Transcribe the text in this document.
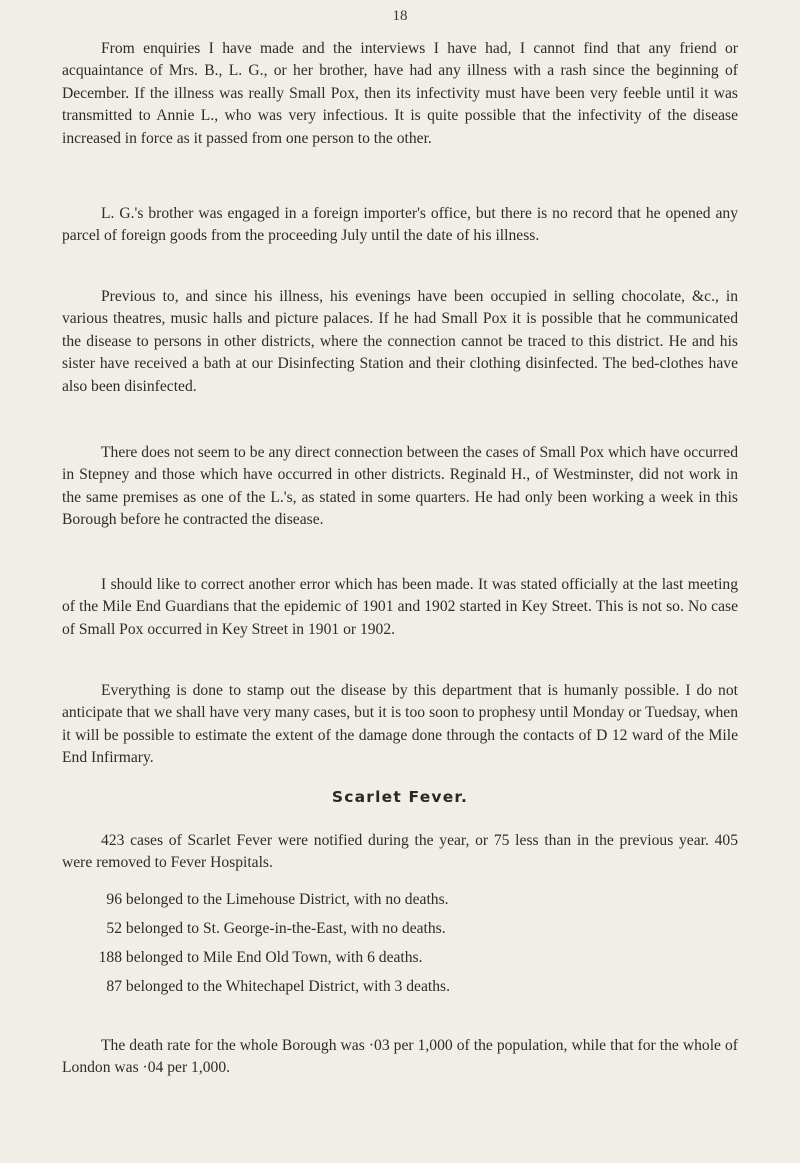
18

From enquiries I have made and the interviews I have had, I cannot find that any friend or acquaintance of Mrs. B., L. G., or her brother, have had any illness with a rash since the beginning of December. If the illness was really Small Pox, then its infectivity must have been very feeble until it was transmitted to Annie L., who was very infectious. It is quite possible that the infectivity of the disease increased in force as it passed from one person to the other.

L. G.'s brother was engaged in a foreign importer's office, but there is no record that he opened any parcel of foreign goods from the proceeding July until the date of his illness.

Previous to, and since his illness, his evenings have been occupied in selling chocolate, &c., in various theatres, music halls and picture palaces. If he had Small Pox it is possible that he communicated the disease to persons in other districts, where the connection cannot be traced to this district. He and his sister have received a bath at our Disinfecting Station and their clothing disinfected. The bed-clothes have also been disinfected.

There does not seem to be any direct connection between the cases of Small Pox which have occurred in Stepney and those which have occurred in other districts. Reginald H., of Westminster, did not work in the same premises as one of the L.'s, as stated in some quarters. He had only been working a week in this Borough before he contracted the disease.

I should like to correct another error which has been made. It was stated officially at the last meeting of the Mile End Guardians that the epidemic of 1901 and 1902 started in Key Street. This is not so. No case of Small Pox occurred in Key Street in 1901 or 1902.

Everything is done to stamp out the disease by this department that is humanly possible. I do not anticipate that we shall have very many cases, but it is too soon to prophesy until Monday or Tuedsay, when it will be possible to estimate the extent of the damage done through the contacts of D 12 ward of the Mile End Infirmary.

Scarlet Fever.

423 cases of Scarlet Fever were notified during the year, or 75 less than in the previous year. 405 were removed to Fever Hospitals.

96 belonged to the Limehouse District, with no deaths.

52 belonged to St. George-in-the-East, with no deaths.

188 belonged to Mile End Old Town, with 6 deaths.

87 belonged to the Whitechapel District, with 3 deaths.

The death rate for the whole Borough was ·03 per 1,000 of the population, while that for the whole of London was ·04 per 1,000.
